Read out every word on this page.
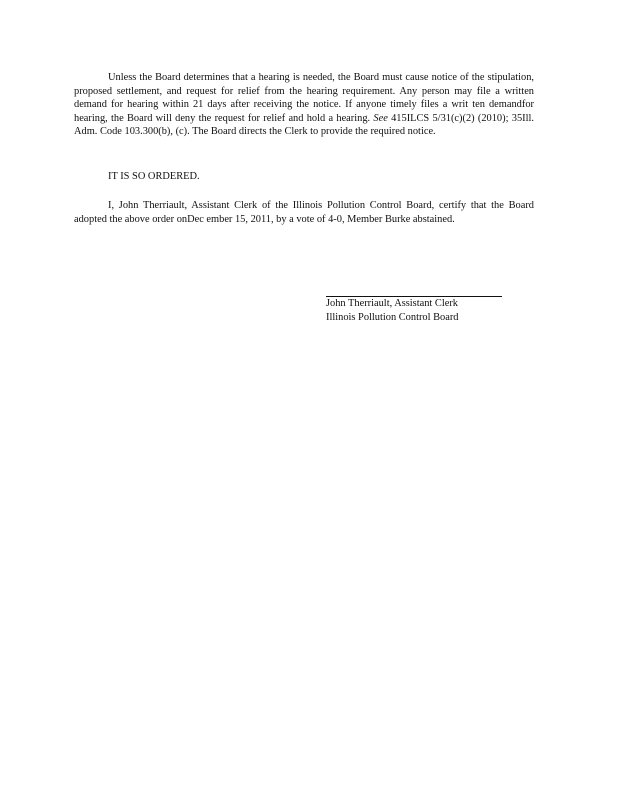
Unless the Board determines that a hearing is needed, the Board must cause notice of the stipulation, proposed settlement, and request for relief from the hearing requirement. Any person may file a written demand for hearing within 21 days after receiving the notice. If anyone timely files a writ ten demandfor hearing, the Board will deny the request for relief and hold a hearing. See 415ILCS 5/31(c)(2) (2010); 35Ill. Adm. Code 103.300(b), (c). The Board directs the Clerk to provide the required notice.

IT IS SO ORDERED.

I, John Therriault, Assistant Clerk of the Illinois Pollution Control Board, certify that the Board adopted the above order onDec ember 15, 2011, by a vote of 4-0, Member Burke abstained.

John Therriault, Assistant Clerk

Illinois Pollution Control Board
